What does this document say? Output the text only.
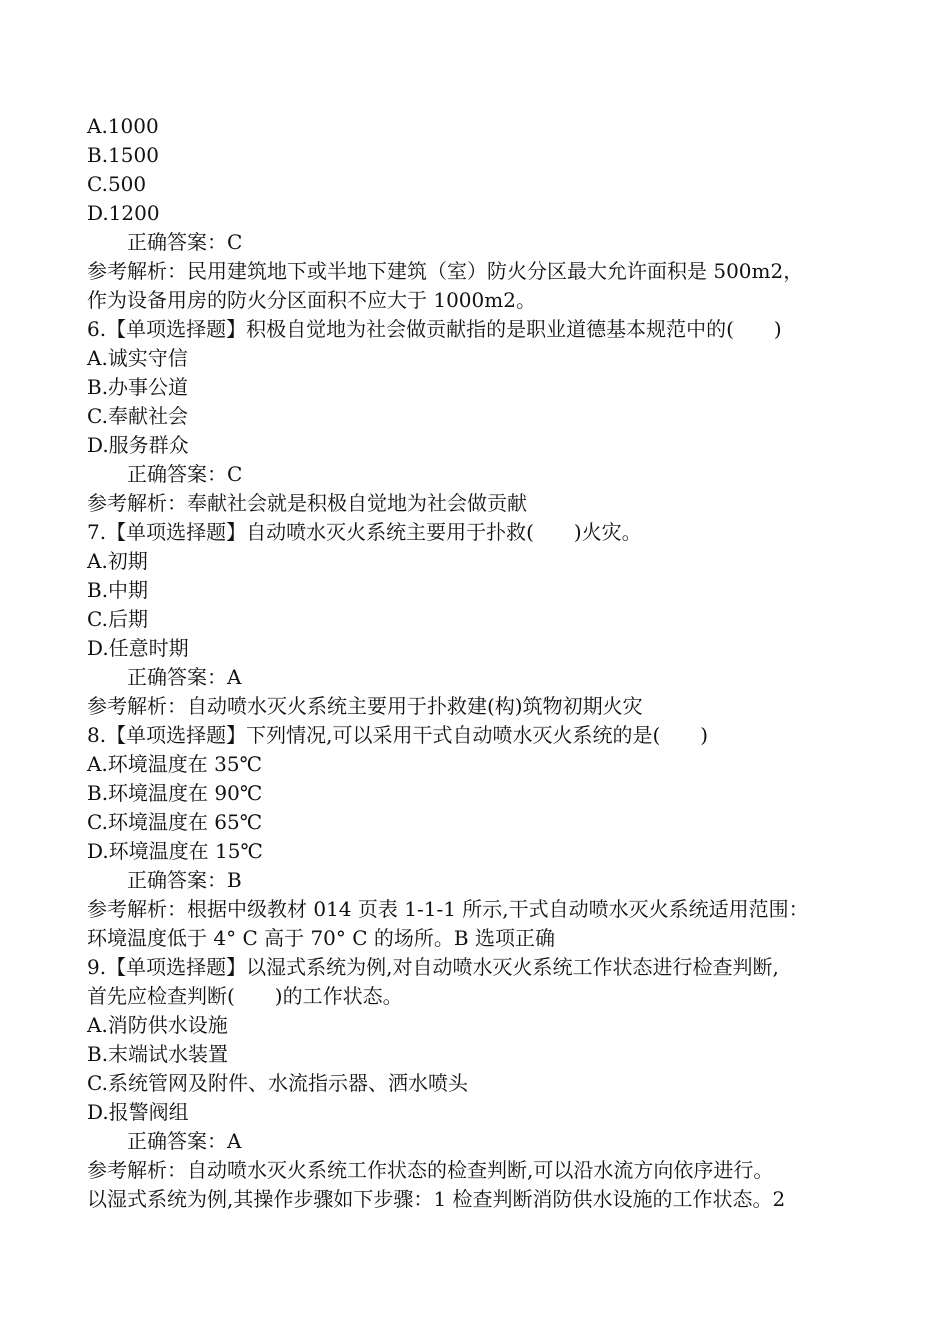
A.1000
B.1500
C.500
D.1200
正确答案：C
参考解析：民用建筑地下或半地下建筑（室）防火分区最大允许面积是 500m2，
作为设备用房的防火分区面积不应大于 1000m2。
6.【单项选择题】积极自觉地为社会做贡献指的是职业道德基本规范中的(　　)
A.诚实守信
B.办事公道
C.奉献社会
D.服务群众
正确答案：C
参考解析：奉献社会就是积极自觉地为社会做贡献
7.【单项选择题】自动喷水灭火系统主要用于扑救(　　)火灾。
A.初期
B.中期
C.后期
D.任意时期
正确答案：A
参考解析：自动喷水灭火系统主要用于扑救建(构)筑物初期火灾
8.【单项选择题】下列情况,可以采用干式自动喷水灭火系统的是(　　)
A.环境温度在 35℃
B.环境温度在 90℃
C.环境温度在 65℃
D.环境温度在 15℃
正确答案：B
参考解析：根据中级教材 014 页表 1-1-1 所示,干式自动喷水灭火系统适用范围：
环境温度低于 4° C 高于 70° C 的场所。B 选项正确
9.【单项选择题】以湿式系统为例,对自动喷水灭火系统工作状态进行检查判断,
首先应检查判断(　　)的工作状态。
A.消防供水设施
B.末端试水装置
C.系统管网及附件、水流指示器、洒水喷头
D.报警阀组
正确答案：A
参考解析：自动喷水灭火系统工作状态的检查判断,可以沿水流方向依序进行。
以湿式系统为例,其操作步骤如下步骤：1 检查判断消防供水设施的工作状态。2
